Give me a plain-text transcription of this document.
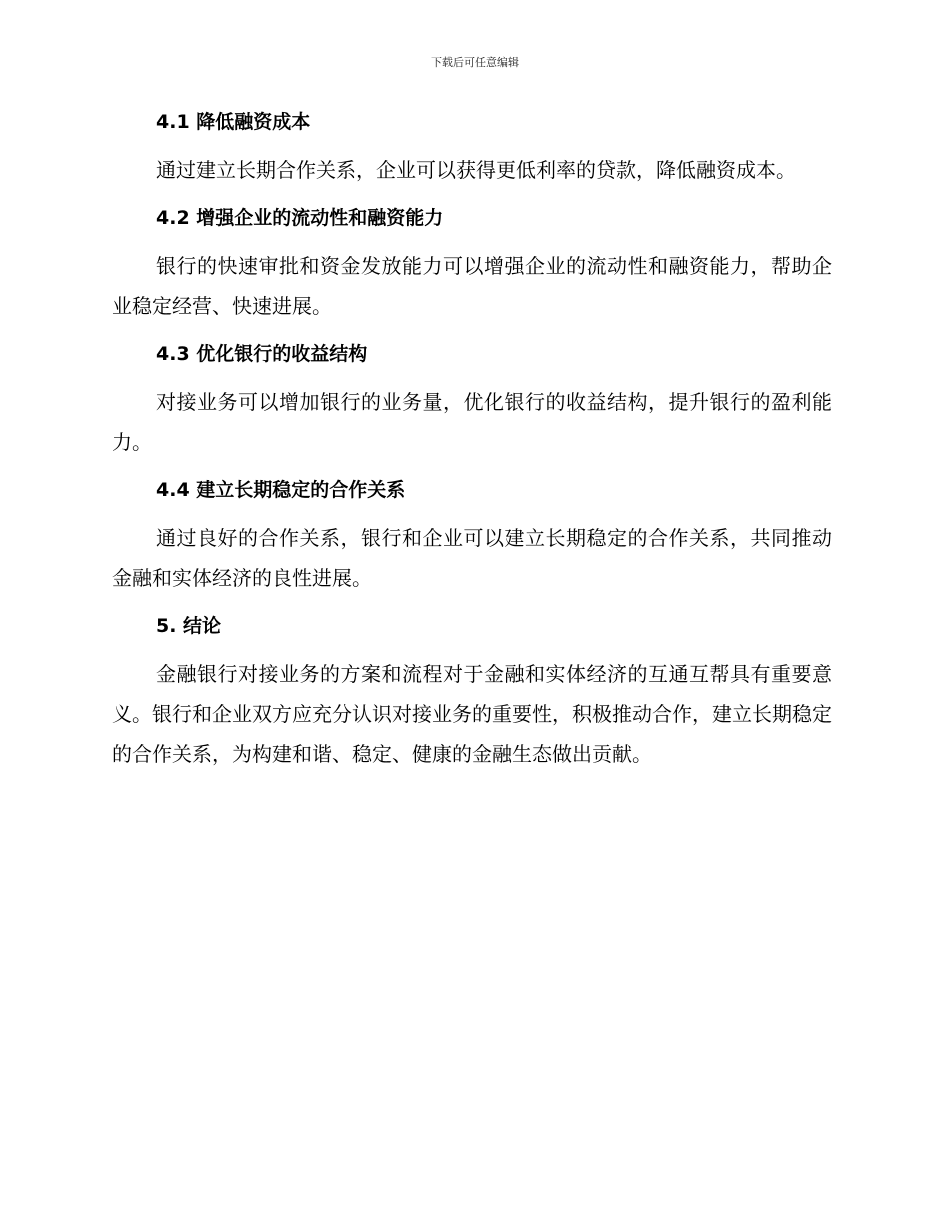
下载后可任意编辑
4.1 降低融资成本

通过建立长期合作关系，企业可以获得更低利率的贷款，降低融资成本。

4.2 增强企业的流动性和融资能力

银行的快速审批和资金发放能力可以增强企业的流动性和融资能力，帮助企业稳定经营、快速进展。

4.3 优化银行的收益结构

对接业务可以增加银行的业务量，优化银行的收益结构，提升银行的盈利能力。

4.4 建立长期稳定的合作关系

通过良好的合作关系，银行和企业可以建立长期稳定的合作关系，共同推动金融和实体经济的良性进展。

5. 结论

金融银行对接业务的方案和流程对于金融和实体经济的互通互帮具有重要意义。银行和企业双方应充分认识对接业务的重要性，积极推动合作，建立长期稳定的合作关系，为构建和谐、稳定、健康的金融生态做出贡献。
